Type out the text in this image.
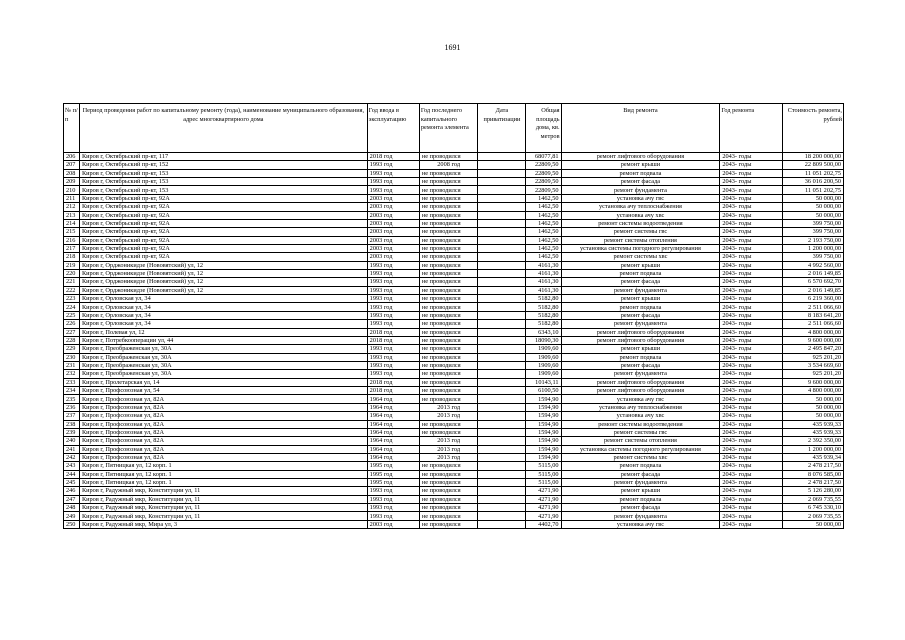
1691
№ п/п	Период проведения работ по капитальному ремонту (года), наименование муниципального образования, адрес многоквартирного дома	Год ввода в эксплуатацию	Год последнего капитального ремонта элемента	Дата приватизации	Общая площадь дома, кв. метров	Вид ремонта	Год ремонта	Стоимость ремонта, рублей
206	Киров г, Октябрьский пр-кт, 117	2018 год	не проводился		68077,81	ремонт лифтового оборудования	2043- годы	18 200 000,00
207	Киров г, Октябрьский пр-кт, 152	1993 год	2008 год		22809,50	ремонт крыши	2043- годы	22 809 500,00
208	Киров г, Октябрьский пр-кт, 153	1993 год	не проводился		22809,50	ремонт подвала	2043- годы	11 051 202,75
209	Киров г, Октябрьский пр-кт, 153	1993 год	не проводился		22809,50	ремонт фасада	2043- годы	36 016 200,50
210	Киров г, Октябрьский пр-кт, 153	1993 год	не проводился		22809,50	ремонт фундамента	2043- годы	11 051 202,75
211	Киров г, Октябрьский пр-кт, 92А	2003 год	не проводился		1462,50	установка ачу гвс	2043- годы	50 000,00
212	Киров г, Октябрьский пр-кт, 92А	2003 год	не проводился		1462,50	установка ачу теплоснабжения	2043- годы	50 000,00
213	Киров г, Октябрьский пр-кт, 92А	2003 год	не проводился		1462,50	установка ачу хвс	2043- годы	50 000,00
214	Киров г, Октябрьский пр-кт, 92А	2003 год	не проводился		1462,50	ремонт системы водоотведения	2043- годы	399 750,00
215	Киров г, Октябрьский пр-кт, 92А	2003 год	не проводился		1462,50	ремонт системы гвс	2043- годы	399 750,00
216	Киров г, Октябрьский пр-кт, 92А	2003 год	не проводился		1462,50	ремонт системы отопления	2043- годы	2 193 750,00
217	Киров г, Октябрьский пр-кт, 92А	2003 год	не проводился		1462,50	установка системы погодного регулирования	2043- годы	1 200 000,00
218	Киров г, Октябрьский пр-кт, 92А	2003 год	не проводился		1462,50	ремонт системы хвс	2043- годы	399 750,00
219	Киров г, Орджоникидзе (Нововятский) ул, 12	1993 год	не проводился		4161,30	ремонт крыши	2043- годы	4 992 560,00
220	Киров г, Орджоникидзе (Нововятский) ул, 12	1993 год	не проводился		4161,30	ремонт подвала	2043- годы	2 016 149,85
221	Киров г, Орджоникидзе (Нововятский) ул, 12	1993 год	не проводился		4161,30	ремонт фасада	2043- годы	6 570 692,70
222	Киров г, Орджоникидзе (Нововятский) ул, 12	1993 год	не проводился		4161,30	ремонт фундамента	2043- годы	2 016 149,85
223	Киров г, Орловская ул, 34	1993 год	не проводился		5182,80	ремонт крыши	2043- годы	6 219 360,00
224	Киров г, Орловская ул, 34	1993 год	не проводился		5182,80	ремонт подвала	2043- годы	2 511 066,60
225	Киров г, Орловская ул, 34	1993 год	не проводился		5182,80	ремонт фасада	2043- годы	8 183 641,20
226	Киров г, Орловская ул, 34	1993 год	не проводился		5182,80	ремонт фундамента	2043- годы	2 511 066,60
227	Киров г, Полевая ул, 12	2018 год	не проводился		6343,10	ремонт лифтового оборудования	2043- годы	4 800 000,00
228	Киров г, Потребкооперации ул, 44	2018 год	не проводился		18090,30	ремонт лифтового оборудования	2043- годы	9 600 000,00
229	Киров г, Преображенская ул, 30А	1993 год	не проводился		1909,60	ремонт крыши	2043- годы	2 495 847,20
230	Киров г, Преображенская ул, 30А	1993 год	не проводился		1909,60	ремонт подвала	2043- годы	925 201,20
231	Киров г, Преображенская ул, 30А	1993 год	не проводился		1909,60	ремонт фасада	2043- годы	3 534 669,60
232	Киров г, Преображенская ул, 30А	1993 год	не проводился		1909,60	ремонт фундамента	2043- годы	925 201,20
233	Киров г, Пролетарская ул, 14	2018 год	не проводился		10143,11	ремонт лифтового оборудования	2043- годы	9 600 000,00
234	Киров г, Профсоюзная ул, 54	2018 год	не проводился		6100,50	ремонт лифтового оборудования	2043- годы	4 800 000,00
235	Киров г, Профсоюзная ул, 82А	1964 год	не проводился		1594,90	установка ачу гвс	2043- годы	50 000,00
236	Киров г, Профсоюзная ул, 82А	1964 год	2013 год		1594,90	установка ачу теплоснабжения	2043- годы	50 000,00
237	Киров г, Профсоюзная ул, 82А	1964 год	2013 год		1594,90	установка ачу хвс	2043- годы	50 000,00
238	Киров г, Профсоюзная ул, 82А	1964 год	не проводился		1594,90	ремонт системы водоотведения	2043- годы	435 939,33
239	Киров г, Профсоюзная ул, 82А	1964 год	не проводился		1594,90	ремонт системы гвс	2043- годы	435 939,33
240	Киров г, Профсоюзная ул, 82А	1964 год	2013 год		1594,90	ремонт системы отопления	2043- годы	2 392 350,00
241	Киров г, Профсоюзная ул, 82А	1964 год	2013 год		1594,90	установка системы погодного регулирования	2043- годы	1 200 000,00
242	Киров г, Профсоюзная ул, 82А	1964 год	2013 год		1594,90	ремонт системы хвс	2043- годы	435 939,34
243	Киров г, Пятницкая ул, 12 корп. 1	1995 год	не проводился		5115,00	ремонт подвала	2043- годы	2 478 217,50
244	Киров г, Пятницкая ул, 12 корп. 1	1995 год	не проводился		5115,00	ремонт фасада	2043- годы	8 076 585,00
245	Киров г, Пятницкая ул, 12 корп. 1	1995 год	не проводился		5115,00	ремонт фундамента	2043- годы	2 478 217,50
246	Киров г, Радужный мкр, Конституции ул, 11	1993 год	не проводился		4271,90	ремонт крыши	2043- годы	5 126 280,00
247	Киров г, Радужный мкр, Конституции ул, 11	1993 год	не проводился		4271,90	ремонт подвала	2043- годы	2 069 735,55
248	Киров г, Радужный мкр, Конституции ул, 11	1993 год	не проводился		4271,90	ремонт фасада	2043- годы	6 745 330,10
249	Киров г, Радужный мкр, Конституции ул, 11	1993 год	не проводился		4271,90	ремонт фундамента	2043- годы	2 069 735,55
250	Киров г, Радужный мкр, Мира ул, 3	2003 год	не проводился		4402,70	установка ачу гвс	2043- годы	50 000,00
